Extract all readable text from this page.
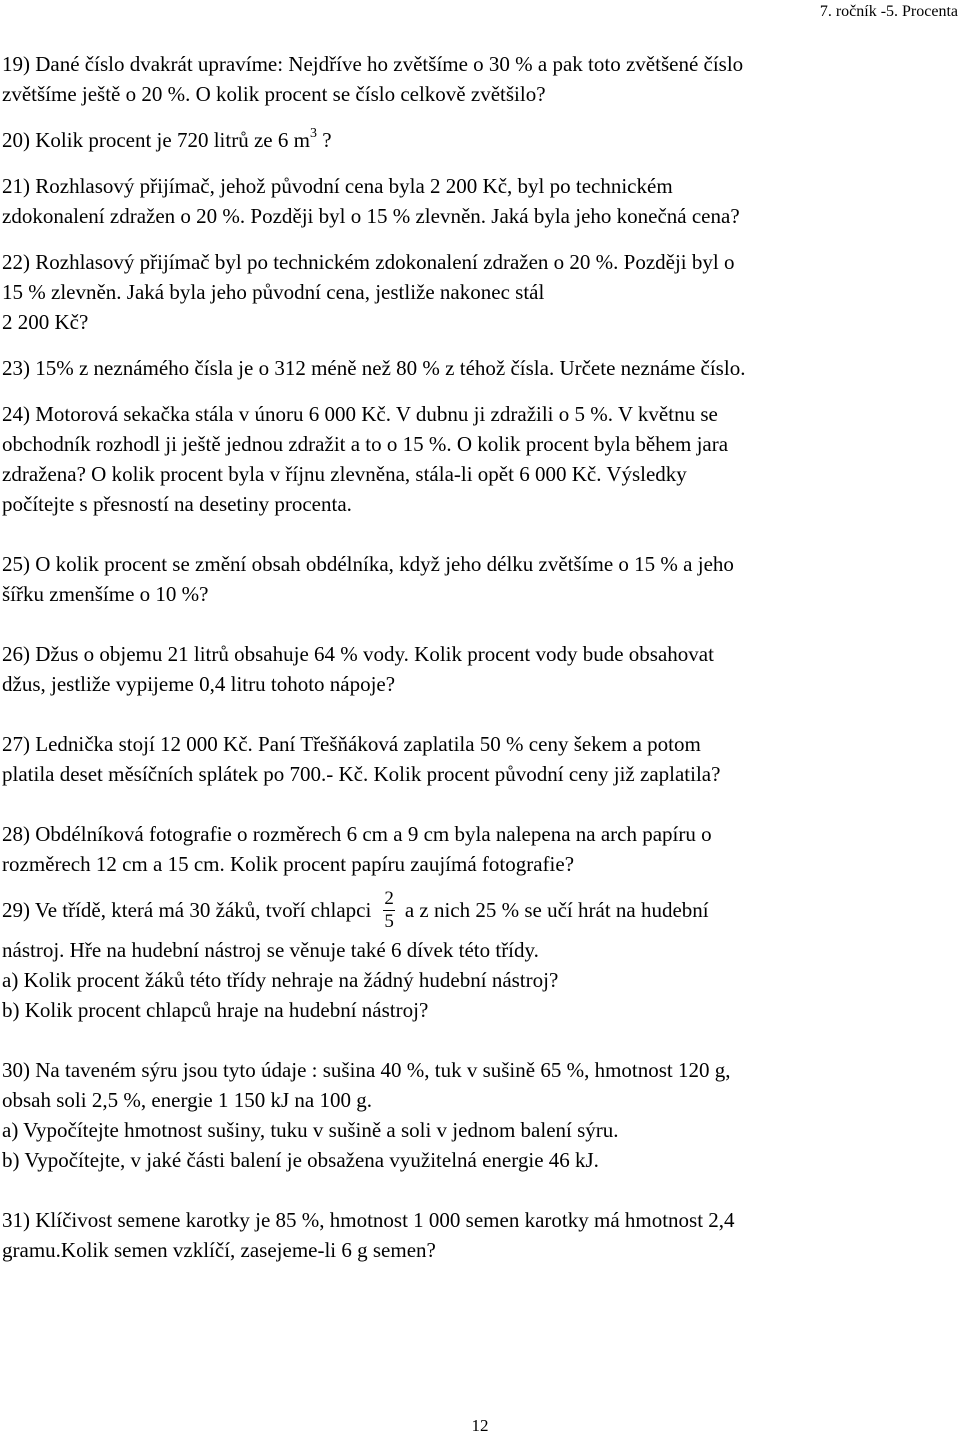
7. ročník -5. Procenta
19) Dané číslo dvakrát upravíme: Nejdříve ho zvětšíme o 30 % a pak toto zvětšené číslo
zvětšíme ještě o 20 %. O kolik procent se číslo celkově zvětšilo?
20) Kolik procent je 720 litrů ze 6 $m^3$ ?
21) Rozhlasový přijímač, jehož původní cena byla 2 200 Kč, byl po technickém
zdokonalení zdražen o 20 %. Později byl o 15 % zlevněn. Jaká byla jeho konečná cena?
22) Rozhlasový přijímač byl po technickém zdokonalení zdražen o 20 %. Později byl o
15 % zlevněn. Jaká byla jeho původní cena, jestliže nakonec stál
2 200 Kč?
23) 15% z neznámého čísla je o 312 méně než 80 % z téhož čísla. Určete neznáme číslo.
24) Motorová sekačka stála v únoru 6 000 Kč. V dubnu ji zdražili o 5 %. V květnu se
obchodník rozhodl ji ještě jednou zdražit a to o 15 %. O kolik procent byla během jara
zdražena? O kolik procent byla v říjnu zlevněna, stála-li opět 6 000 Kč. Výsledky
počítejte s přesností na desetiny procenta.
25) O kolik procent se změní obsah obdélníka, když jeho délku zvětšíme o 15 % a jeho
šířku zmenšíme o 10 %?
26) Džus o objemu 21 litrů obsahuje 64 % vody. Kolik procent vody bude obsahovat
džus, jestliže vypijeme 0,4 litru tohoto nápoje?
27) Lednička stojí 12 000 Kč. Paní Třešňáková zaplatila 50 % ceny šekem a potom
platila deset měsíčních splátek po 700.- Kč. Kolik procent původní ceny již zaplatila?
28) Obdélníková fotografie o rozměrech 6 cm a 9 cm byla nalepena na arch papíru o
rozměrech 12 cm a 15 cm. Kolik procent papíru zaujímá fotografie?
29) Ve třídě, která má 30 žáků, tvoří chlapci $\frac{2}{5}$ a z nich 25 % se učí hrát na hudební
nástroj. Hře na hudební nástroj se věnuje také 6 dívek této třídy.
a) Kolik procent žáků této třídy nehraje na žádný hudební nástroj?
b) Kolik procent chlapců hraje na hudební nástroj?
30) Na taveném sýru jsou tyto údaje : sušina 40 %, tuk v sušině 65 %, hmotnost 120 g,
obsah soli 2,5 %, energie 1 150 kJ na 100 g.
a) Vypočítejte hmotnost sušiny, tuku v sušině a soli v jednom balení sýru.
b) Vypočítejte, v jaké části balení je obsažena využitelná energie 46 kJ.
31) Klíčivost semene karotky je 85 %, hmotnost 1 000 semen karotky má hmotnost 2,4
gramu.Kolik semen vzklíčí, zasejeme-li 6 g semen?
12
